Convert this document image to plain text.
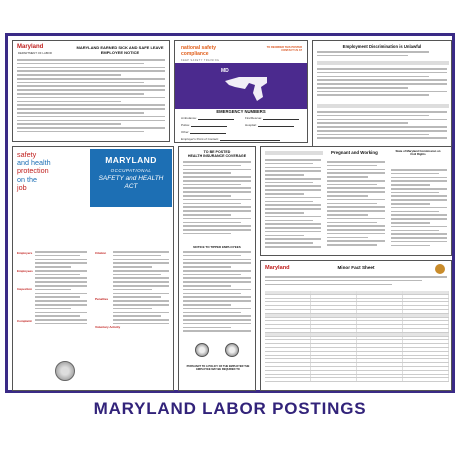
Maryland
DEPARTMENT OF LABOR
MARYLAND EARNED SICK AND SAFE LEAVE EMPLOYEE NOTICE
national safety compliance
KEEP SAFETY TRAINING
TO REORDER THIS POSTER CONTACT US AT
MD
EMERGENCY NUMBERS
Ambulance:	Fire/Rescue:
Police:	Hospital:
Other:
Employer's Point of Contact:
Employment Discrimination is Unlawful
safety
and health
protection
on the
job
MARYLAND
OCCUPATIONAL
SAFETY and HEALTH
ACT
Employers
Employees
Inspection
Complaint
Citation
Penalties
Voluntary Activity
TO BE POSTED
HEALTH INSURANCE COVERAGE
NOTICE TO TIPPED EMPLOYEES
PURSUANT TO A POLICY OF THE EMPLOYER THE EMPLOYEE MAY BE REQUIRED TO
Pregnant and Working	State of Maryland Commission on Civil Rights
Maryland	Minor Fact Sheet
MARYLAND LABOR POSTINGS
